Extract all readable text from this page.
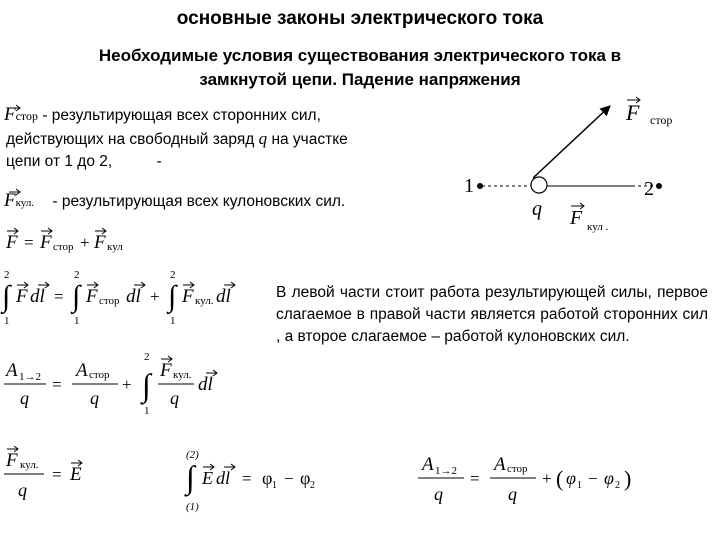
основные законы электрического тока
Необходимые условия существования электрического тока в
замкнутой цепи. Падение напряжения
Fстор - результирующая всех сторонних сил,
действующих на свободный заряд q на участке
цепи от 1 до 2,	-
Fкул. - результирующая всех кулоновских сил.
1	2
q
F стор
F кул .
F = F стор + F кул
2
∫
1
F dl =
2
∫
1
F стор dl +
2
∫
1
F кул. dl
A 1→2
q
=
A стор
q
+
2
∫
1
F кул.
q
dl
F кул.
q
= E
(2)
∫
(1)
E dl = φ 1 − φ 2
A 1→2
q
=
A стор
q
+ ( φ 1 − φ 2 )
В левой части стоит работа результирующей силы, первое слагаемое в правой части является работой сторонних сил , а второе слагаемое – работой кулоновских сил.
